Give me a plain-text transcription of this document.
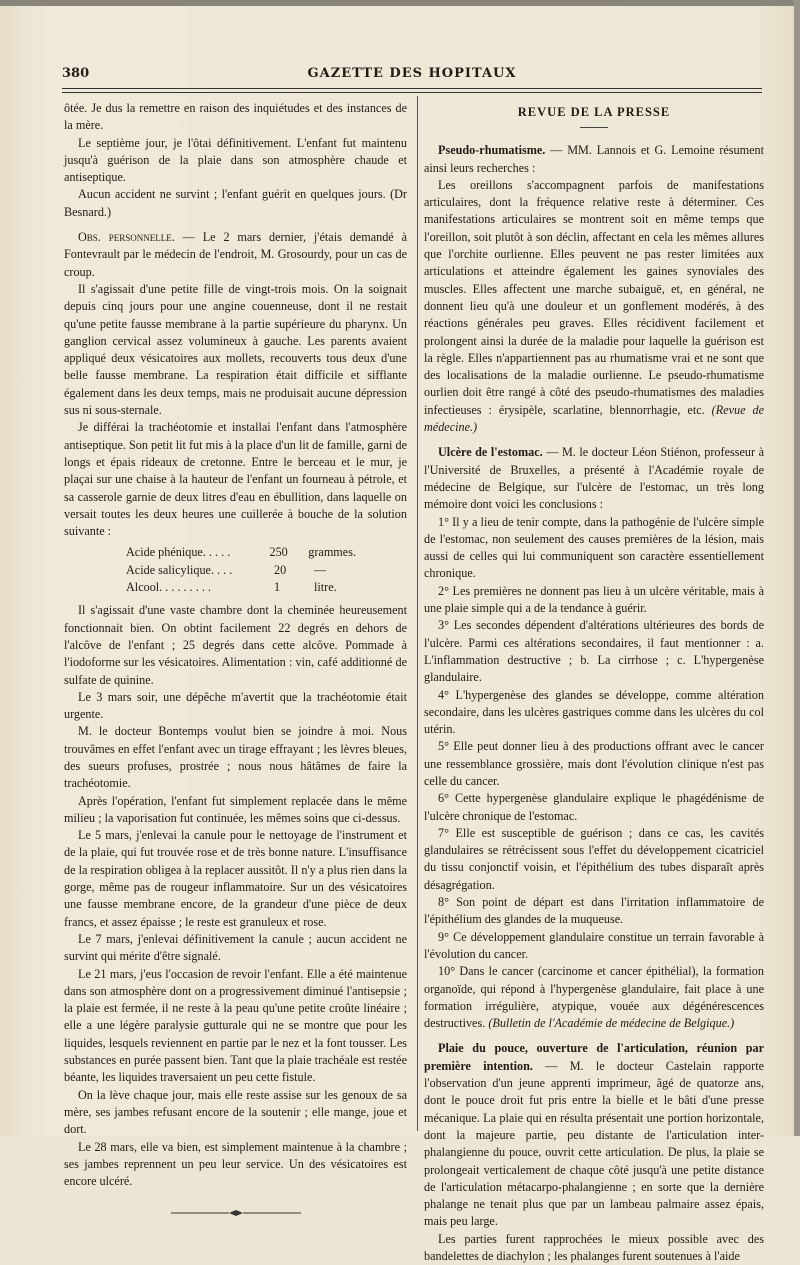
380	GAZETTE DES HOPITAUX

ôtée. Je dus la remettre en raison des inquiétudes et des instances de la mère.

Le septième jour, je l'ôtai définitivement. L'enfant fut maintenu jusqu'à guérison de la plaie dans son atmosphère chaude et antiseptique.

Aucun accident ne survint ; l'enfant guérit en quelques jours. (Dr Besnard.)

Obs. personnelle. — Le 2 mars dernier, j'étais demandé à Fontevrault par le médecin de l'endroit, M. Grosourdy, pour un cas de croup.

Il s'agissait d'une petite fille de vingt-trois mois. On la soignait depuis cinq jours pour une angine couenneuse, dont il ne restait qu'une petite fausse membrane à la partie supérieure du pharynx. Un ganglion cervical assez volumineux à gauche. Les parents avaient appliqué deux vésicatoires aux mollets, recouverts tous deux d'une belle fausse membrane. La respiration était difficile et sifflante également dans les deux temps, mais ne produisait aucune dépression sus ni sous-sternale.

Je différai la trachéotomie et installai l'enfant dans l'atmosphère antiseptique. Son petit lit fut mis à la place d'un lit de famille, garni de longs et épais rideaux de cretonne. Entre le berceau et le mur, je plaçai sur une chaise à la hauteur de l'enfant un fourneau à pétrole, et sa casserole garnie de deux litres d'eau en ébullition, dans laquelle on versait toutes les deux heures une cuillerée à bouche de la solution suivante :

Acide phénique. . . . .	250	grammes.
Acide salicylique. . . .	20	—
Alcool. . . . . . . . .	1	litre.

Il s'agissait d'une vaste chambre dont la cheminée heureusement fonctionnait bien. On obtint facilement 22 degrés en dehors de l'alcôve de l'enfant ; 25 degrés dans cette alcôve. Pommade à l'iodoforme sur les vésicatoires. Alimentation : vin, café additionné de sulfate de quinine.

Le 3 mars soir, une dépêche m'avertit que la trachéotomie était urgente.

M. le docteur Bontemps voulut bien se joindre à moi. Nous trouvâmes en effet l'enfant avec un tirage effrayant ; les lèvres bleues, des sueurs profuses, prostrée ; nous nous hâtâmes de faire la trachéotomie.

Après l'opération, l'enfant fut simplement replacée dans le même milieu ; la vaporisation fut continuée, les mêmes soins que ci-dessus.

Le 5 mars, j'enlevai la canule pour le nettoyage de l'instrument et de la plaie, qui fut trouvée rose et de très bonne nature. L'insuffisance de la respiration obligea à la replacer aussitôt. Il n'y a plus rien dans la gorge, même pas de rougeur inflammatoire. Sur un des vésicatoires une fausse membrane encore, de la grandeur d'une pièce de deux francs, et assez épaisse ; le reste est granuleux et rose.

Le 7 mars, j'enlevai définitivement la canule ; aucun accident ne survint qui mérite d'être signalé.

Le 21 mars, j'eus l'occasion de revoir l'enfant. Elle a été maintenue dans son atmosphère dont on a progressivement diminué l'antisepsie ; la plaie est fermée, il ne reste à la peau qu'une petite croûte linéaire ; elle a une légère paralysie gutturale qui ne se montre que pour les liquides, lesquels reviennent en partie par le nez et la font tousser. Les substances en purée passent bien. Tant que la plaie trachéale est restée béante, les liquides traversaient un peu cette fistule.

On la lève chaque jour, mais elle reste assise sur les genoux de sa mère, ses jambes refusant encore de la soutenir ; elle mange, joue et dort.

Le 28 mars, elle va bien, est simplement maintenue à la chambre ; ses jambes reprennent un peu leur service. Un des vésicatoires est encore ulcéré.

REVUE DE LA PRESSE

Pseudo-rhumatisme. — MM. Lannois et G. Lemoine résument ainsi leurs recherches :

Les oreillons s'accompagnent parfois de manifestations articulaires, dont la fréquence relative reste à déterminer. Ces manifestations articulaires se montrent soit en même temps que l'oreillon, soit plutôt à son déclin, affectant en cela les mêmes allures que l'orchite ourlienne. Elles peuvent ne pas rester limitées aux articulations et atteindre également les gaines synoviales des muscles. Elles affectent une marche subaiguë, et, en général, ne donnent lieu qu'à une douleur et un gonflement modérés, à des réactions générales peu graves. Elles récidivent facilement et prolongent ainsi la durée de la maladie pour laquelle la guérison est la règle. Elles n'appartiennent pas au rhumatisme vrai et ne sont que des localisations de la maladie ourlienne. Le pseudo-rhumatisme ourlien doit être rangé à côté des pseudo-rhumatismes des maladies infectieuses : érysipèle, scarlatine, blennorrhagie, etc. (Revue de médecine.)

Ulcère de l'estomac. — M. le docteur Léon Stiénon, professeur à l'Université de Bruxelles, a présenté à l'Académie royale de médecine de Belgique, sur l'ulcère de l'estomac, un très long mémoire dont voici les conclusions :

1° Il y a lieu de tenir compte, dans la pathogénie de l'ulcère simple de l'estomac, non seulement des causes premières de la lésion, mais aussi de celles qui lui communiquent son caractère essentiellement chronique.

2° Les premières ne donnent pas lieu à un ulcère véritable, mais à une plaie simple qui a de la tendance à guérir.

3° Les secondes dépendent d'altérations ultérieures des bords de l'ulcère. Parmi ces altérations secondaires, il faut mentionner : a. L'inflammation destructive ; b. La cirrhose ; c. L'hypergenèse glandulaire.

4° L'hypergenèse des glandes se développe, comme altération secondaire, dans les ulcères gastriques comme dans les ulcères du col utérin.

5° Elle peut donner lieu à des productions offrant avec le cancer une ressemblance grossière, mais dont l'évolution clinique n'est pas celle du cancer.

6° Cette hypergenèse glandulaire explique le phagédénisme de l'ulcère chronique de l'estomac.

7° Elle est susceptible de guérison ; dans ce cas, les cavités glandulaires se rétrécissent sous l'effet du développement cicatriciel du tissu conjonctif voisin, et l'épithélium des tubes disparaît après désagrégation.

8° Son point de départ est dans l'irritation inflammatoire de l'épithélium des glandes de la muqueuse.

9° Ce développement glandulaire constitue un terrain favorable à l'évolution du cancer.

10° Dans le cancer (carcinome et cancer épithélial), la formation organoïde, qui répond à l'hypergenèse glandulaire, fait place à une formation irrégulière, atypique, vouée aux dégénérescences destructives. (Bulletin de l'Académie de médecine de Belgique.)

Plaie du pouce, ouverture de l'articulation, réunion par première intention. — M. le docteur Castelain rapporte l'observation d'un jeune apprenti imprimeur, âgé de quatorze ans, dont le pouce droit fut pris entre la bielle et le bâti d'une presse mécanique. La plaie qui en résulta présentait une portion horizontale, dont la majeure partie, peu distante de l'articulation inter-phalangienne du pouce, ouvrit cette articulation. De plus, la plaie se prolongeait verticalement de chaque côté jusqu'à une petite distance de l'articulation métacarpo-phalangienne ; en sorte que la dernière phalange ne tenait plus que par un lambeau palmaire assez épais, mais peu large.

Les parties furent rapprochées le mieux possible avec des bandelettes de diachylon ; les phalanges furent soutenues à l'aide
